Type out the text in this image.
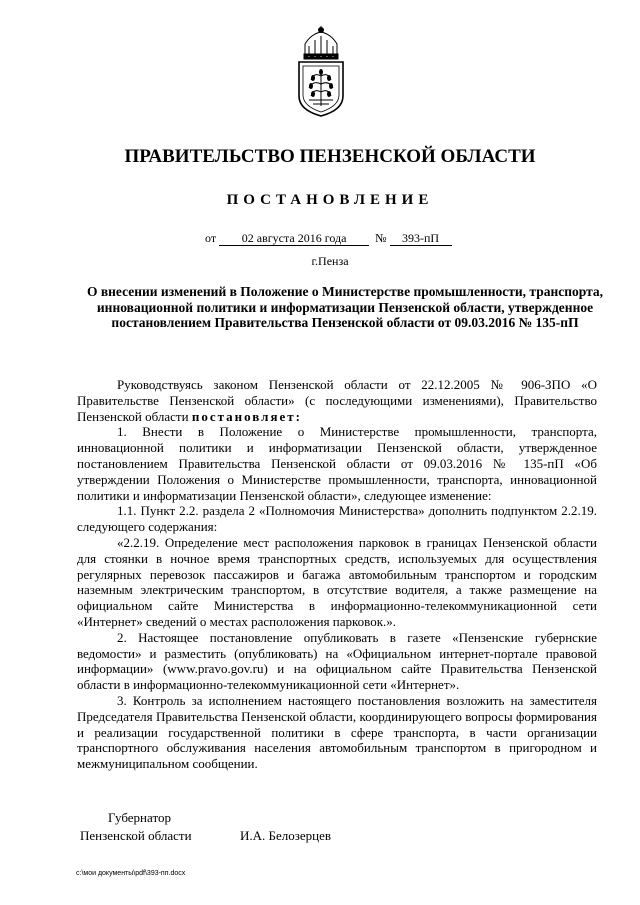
ПРАВИТЕЛЬСТВО ПЕНЗЕНСКОЙ ОБЛАСТИ
ПОСТАНОВЛЕНИЕ
от 02 августа 2016 года № 393-пП
г.Пенза
О внесении изменений в Положение о Министерстве промышленности, транспорта, инновационной политики и информатизации Пензенской области, утвержденное постановлением Правительства Пензенской области от 09.03.2016 № 135-пП

Руководствуясь законом Пензенской области от 22.12.2005 № 906-ЗПО «О Правительстве Пензенской области» (с последующими изменениями), Правительство Пензенской области постановляет:

1. Внести в Положение о Министерстве промышленности, транспорта, инновационной политики и информатизации Пензенской области, утвержденное постановлением Правительства Пензенской области от 09.03.2016 № 135-пП «Об утверждении Положения о Министерстве промышленности, транспорта, инновационной политики и информатизации Пензенской области», следующее изменение:

1.1. Пункт 2.2. раздела 2 «Полномочия Министерства» дополнить подпунктом 2.2.19. следующего содержания:

«2.2.19. Определение мест расположения парковок в границах Пензенской области для стоянки в ночное время транспортных средств, используемых для осуществления регулярных перевозок пассажиров и багажа автомобильным транспортом и городским наземным электрическим транспортом, в отсутствие водителя, а также размещение на официальном сайте Министерства в информационно-телекоммуникационной сети «Интернет» сведений о местах расположения парковок.».

2. Настоящее постановление опубликовать в газете «Пензенские губернские ведомости» и разместить (опубликовать) на «Официальном интернет-портале правовой информации» (www.pravo.gov.ru) и на официальном сайте Правительства Пензенской области в информационно-телекоммуникационной сети «Интернет».

3. Контроль за исполнением настоящего постановления возложить на заместителя Председателя Правительства Пензенской области, координирующего вопросы формирования и реализации государственной политики в сфере транспорта, в части организации транспортного обслуживания населения автомобильным транспортом в пригородном и межмуниципальном сообщении.

Губернатор
Пензенской области	И.А. Белозерцев
c:\мои документы\pdf\393-пп.docx
